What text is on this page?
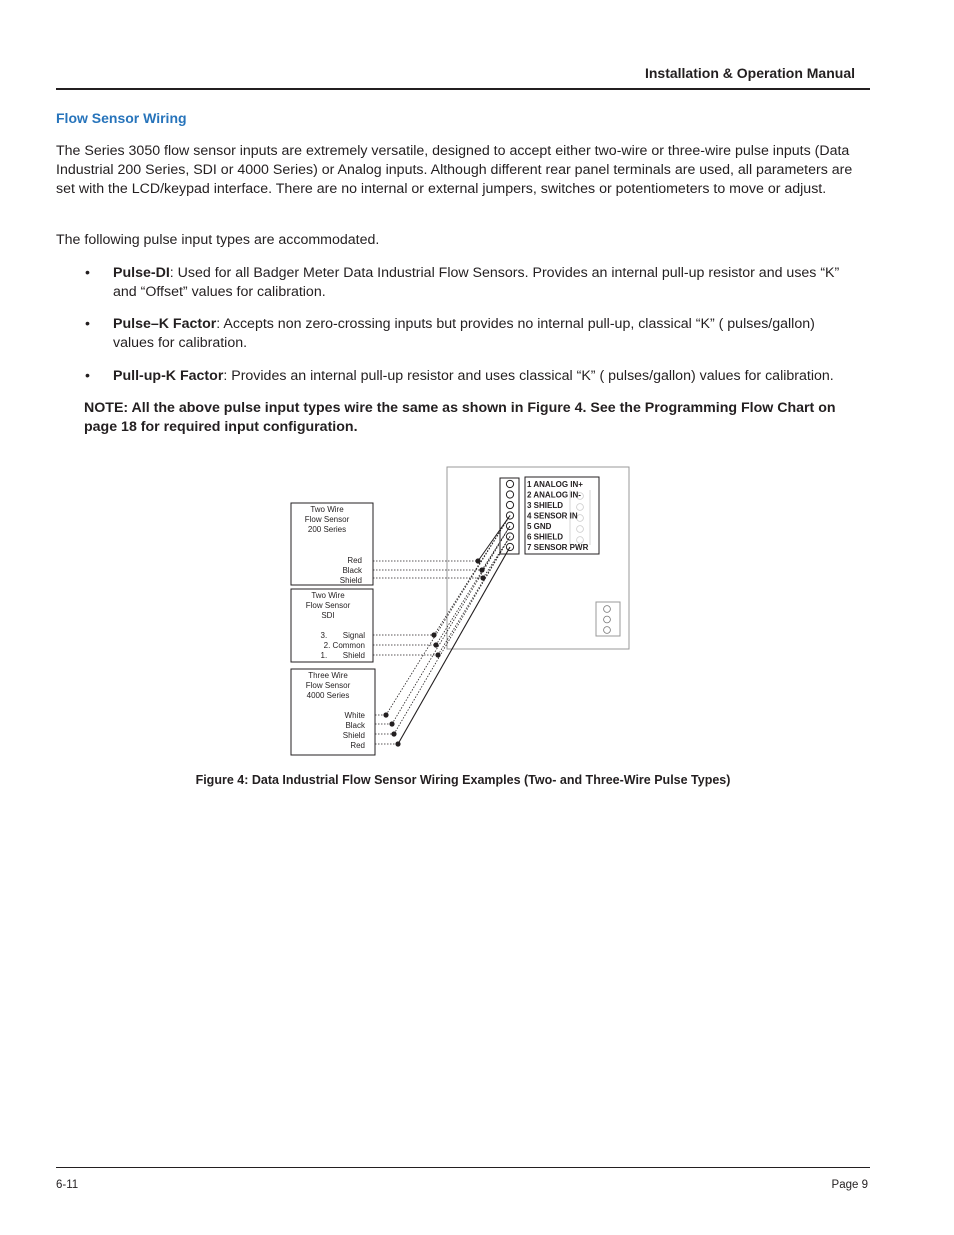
Installation & Operation Manual
Flow Sensor Wiring

The Series 3050 flow sensor inputs are extremely versatile, designed to accept either two-wire or three-wire pulse inputs (Data Industrial 200 Series, SDI or 4000 Series) or Analog inputs. Although different rear panel terminals are used, all parameters are set with the LCD/keypad interface. There are no internal or external jumpers, switches or potentiometers to move or adjust.

The following pulse input types are accommodated.

• Pulse-DI: Used for all Badger Meter Data Industrial Flow Sensors. Provides an internal pull-up resistor and uses “K” and “Offset” values for calibration.
• Pulse–K Factor: Accepts non zero-crossing inputs but provides no internal pull-up, classical “K” ( pulses/gallon) values for calibration.
• Pull-up-K Factor: Provides an internal pull-up resistor and uses classical “K” ( pulses/gallon) values for calibration.
NOTE: All the above pulse input types wire the same as shown in Figure 4. See the Programming Flow Chart on page 18 for required input configuration.
1 ANALOG IN+
2 ANALOG IN-
3 SHIELD
4 SENSOR IN
5 GND
6 SHIELD
7 SENSOR PWR
Two Wire
Flow Sensor
200 Series
Two Wire
Flow Sensor
SDI
Three Wire
Flow Sensor
4000 Series
Red
Black
Shield
3.       Signal
2. Common
1.       Shield
White
Black
Shield
Red
Figure 4: Data Industrial Flow Sensor Wiring Examples (Two- and Three-Wire Pulse Types)
6-11	Page 9
